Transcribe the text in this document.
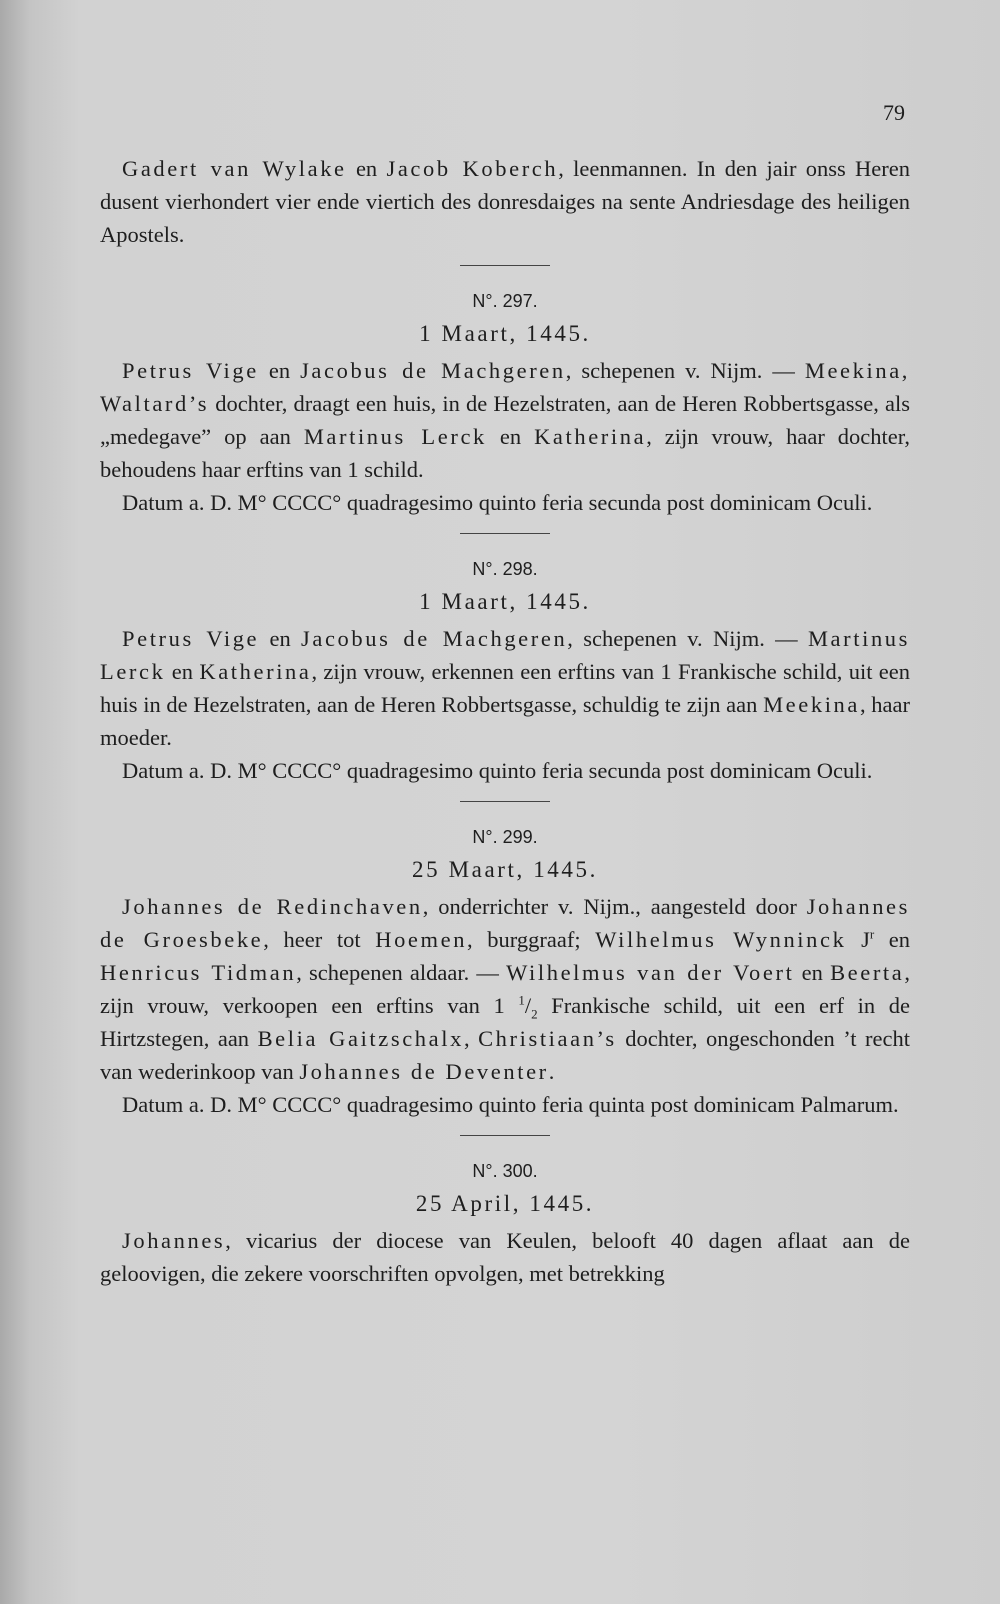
79

Gadert van Wylake en Jacob Koberch, leenmannen. In den jair onss Heren dusent vierhondert vier ende viertich des donresdaiges na sente Andriesdage des heiligen Apostels.

N°. 297.
1 Maart, 1445.

Petrus Vige en Jacobus de Machgeren, schepenen v. Nijm. — Meekina, Waltard’s dochter, draagt een huis, in de Hezelstraten, aan de Heren Robbertsgasse, als „medegave” op aan Martinus Lerck en Katherina, zijn vrouw, haar dochter, behoudens haar erftins van 1 schild.

Datum a. D. M° CCCC° quadragesimo quinto feria secunda post dominicam Oculi.

N°. 298.
1 Maart, 1445.

Petrus Vige en Jacobus de Machgeren, schepenen v. Nijm. — Martinus Lerck en Katherina, zijn vrouw, erkennen een erftins van 1 Frankische schild, uit een huis in de Hezelstraten, aan de Heren Robbertsgasse, schuldig te zijn aan Meekina, haar moeder.

Datum a. D. M° CCCC° quadragesimo quinto feria secunda post dominicam Oculi.

N°. 299.
25 Maart, 1445.

Johannes de Redinchaven, onderrichter v. Nijm., aangesteld door Johannes de Groesbeke, heer tot Hoemen, burggraaf; Wilhelmus Wynninck $J^r$ en Henricus Tidman, schepenen aldaar. — Wilhelmus van der Voert en Beerta, zijn vrouw, verkoopen een erftins van 1 $^1/_2$ Frankische schild, uit een erf in de Hirtzstegen, aan Belia Gaitzschalx, Christiaan’s dochter, ongeschonden ’t recht van wederinkoop van Johannes de Deventer.

Datum a. D. M° CCCC° quadragesimo quinto feria quinta post dominicam Palmarum.

N°. 300.
25 April, 1445.

Johannes, vicarius der diocese van Keulen, belooft 40 dagen aflaat aan de geloovigen, die zekere voorschriften opvolgen, met betrekking
